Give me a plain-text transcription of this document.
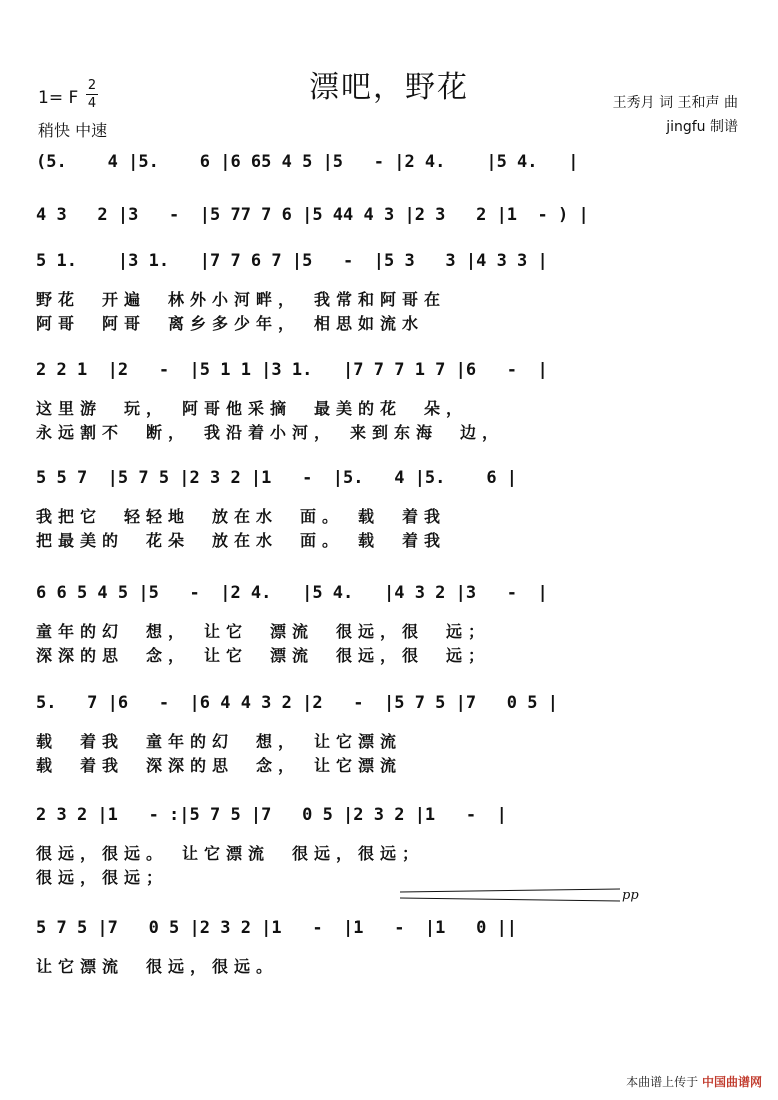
漂吧，野花
1= F
2
4
稍快 中速
王秀月 词 王和声 曲
jingfu 制谱
(5.    4 |5.    6 |6 65 4 5 |5   - |2 4.    |5 4.   |
4 3   2 |3   -  |5 77 7 6 |5 44 4 3 |2 3   2 |1  - ) |
5 1.    |3 1.   |7 7 6 7 |5   -  |5 3   3 |4 3 3 |
野花　开遍　林外小河畔，　我常和阿哥在
阿哥　阿哥　离乡多少年，　相思如流水
2 2 1  |2   -  |5 1 1 |3 1.   |7 7 7 1 7 |6   -  |
这里游　玩，　阿哥他采摘　最美的花　朵，
永远割不　断，　我沿着小河，　来到东海　边，
5 5 7  |5 7 5 |2 3 2 |1   -  |5.   4 |5.    6 |
我把它　轻轻地　放在水　面。　载　着我
把最美的　花朵　放在水　面。　载　着我
6 6 5 4 5 |5   -  |2 4.   |5 4.   |4 3 2 |3   -  |
童年的幻　想，　让它　漂流　很远，很　远；
深深的思　念，　让它　漂流　很远，很　远；
5.   7 |6   -  |6 4 4 3 2 |2   -  |5 7 5 |7   0 5 |
载　着我　童年的幻　想，　让它漂流
载　着我　深深的思　念，　让它漂流
2 3 2 |1   - :|5 7 5 |7   0 5 |2 3 2 |1   -  |
很远，很远。　让它漂流　很远，很远；
很远，很远；
5 7 5 |7   0 5 |2 3 2 |1   -  |1   -  |1   0 ||
让它漂流　很远，很远。
pp
本曲谱上传于 中国曲谱网
